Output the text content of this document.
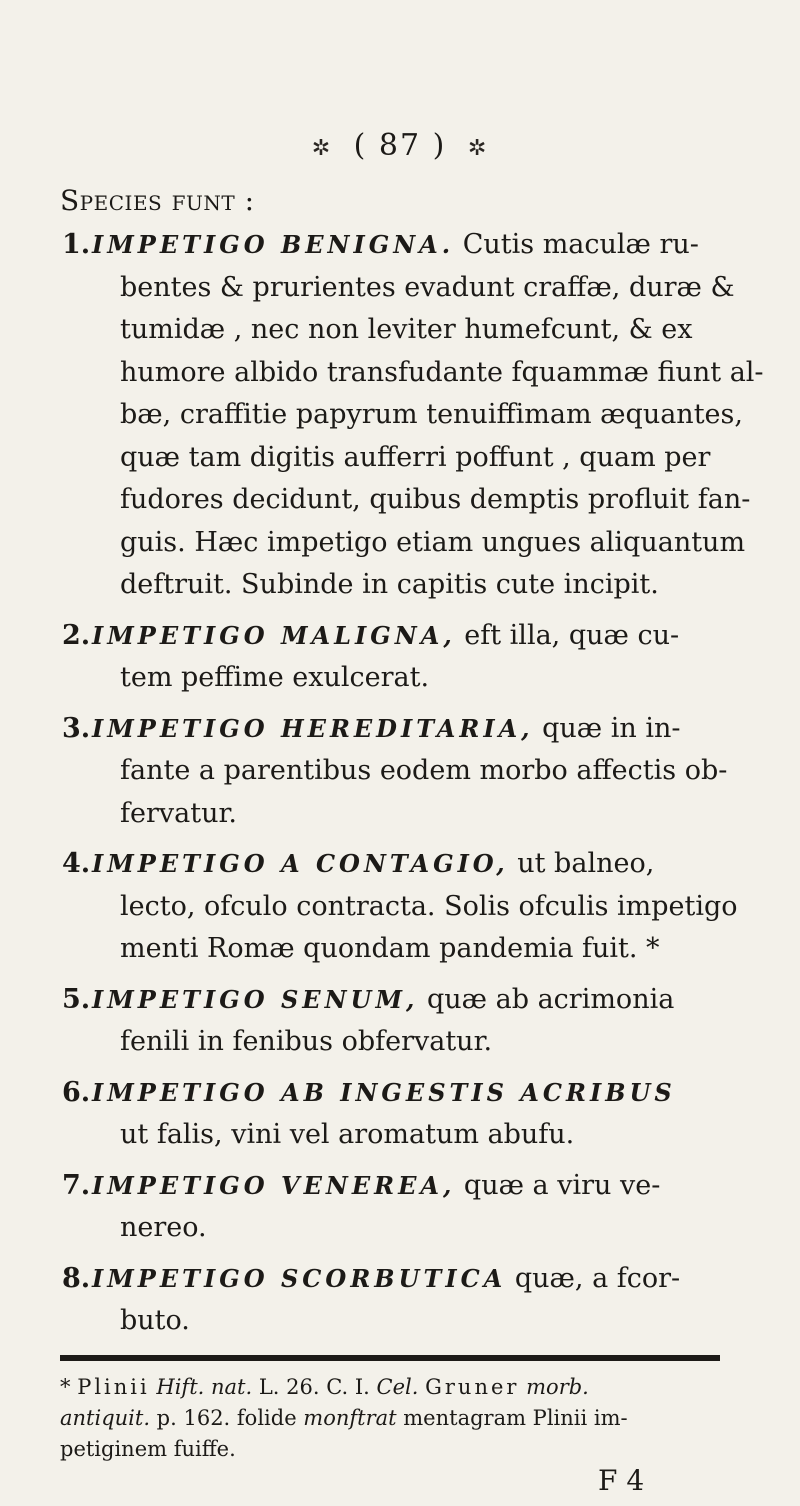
✲ ( 87 ) ✲
Species funt :
1.IMPETIGO BENIGNA. Cutis maculæ ru-
bentes & prurientes evadunt craffæ, duræ &
tumidæ , nec non leviter humefcunt, & ex
humore albido transfudante fquammæ fiunt al-
bæ, craffitie papyrum tenuiffimam æquantes,
quæ tam digitis aufferri poffunt , quam per
fudores decidunt, quibus demptis profluit fan-
guis. Hæc impetigo etiam ungues aliquantum
deftruit. Subinde in capitis cute incipit.
2.IMPETIGO MALIGNA, eft illa, quæ cu-
tem peffime exulcerat.
3.IMPETIGO HEREDITARIA, quæ in in-
fante a parentibus eodem morbo affectis ob-
fervatur.
4.IMPETIGO A CONTAGIO, ut balneo,
lecto, ofculo contracta. Solis ofculis impetigo
menti Romæ quondam pandemia fuit. *
5.IMPETIGO SENUM, quæ ab acrimonia
fenili in fenibus obfervatur.
6.IMPETIGO AB INGESTIS ACRIBUS
ut falis, vini vel aromatum abufu.
7.IMPETIGO VENEREA, quæ a viru ve-
nereo.
8.IMPETIGO SCORBUTICA quæ, a fcor-
buto.
* Plinii Hift. nat. L. 26. C. I. Cel. Gruner morb.
antiquit. p. 162. folide monftrat mentagram Plinii im-
petiginem fuiffe.
F 4
